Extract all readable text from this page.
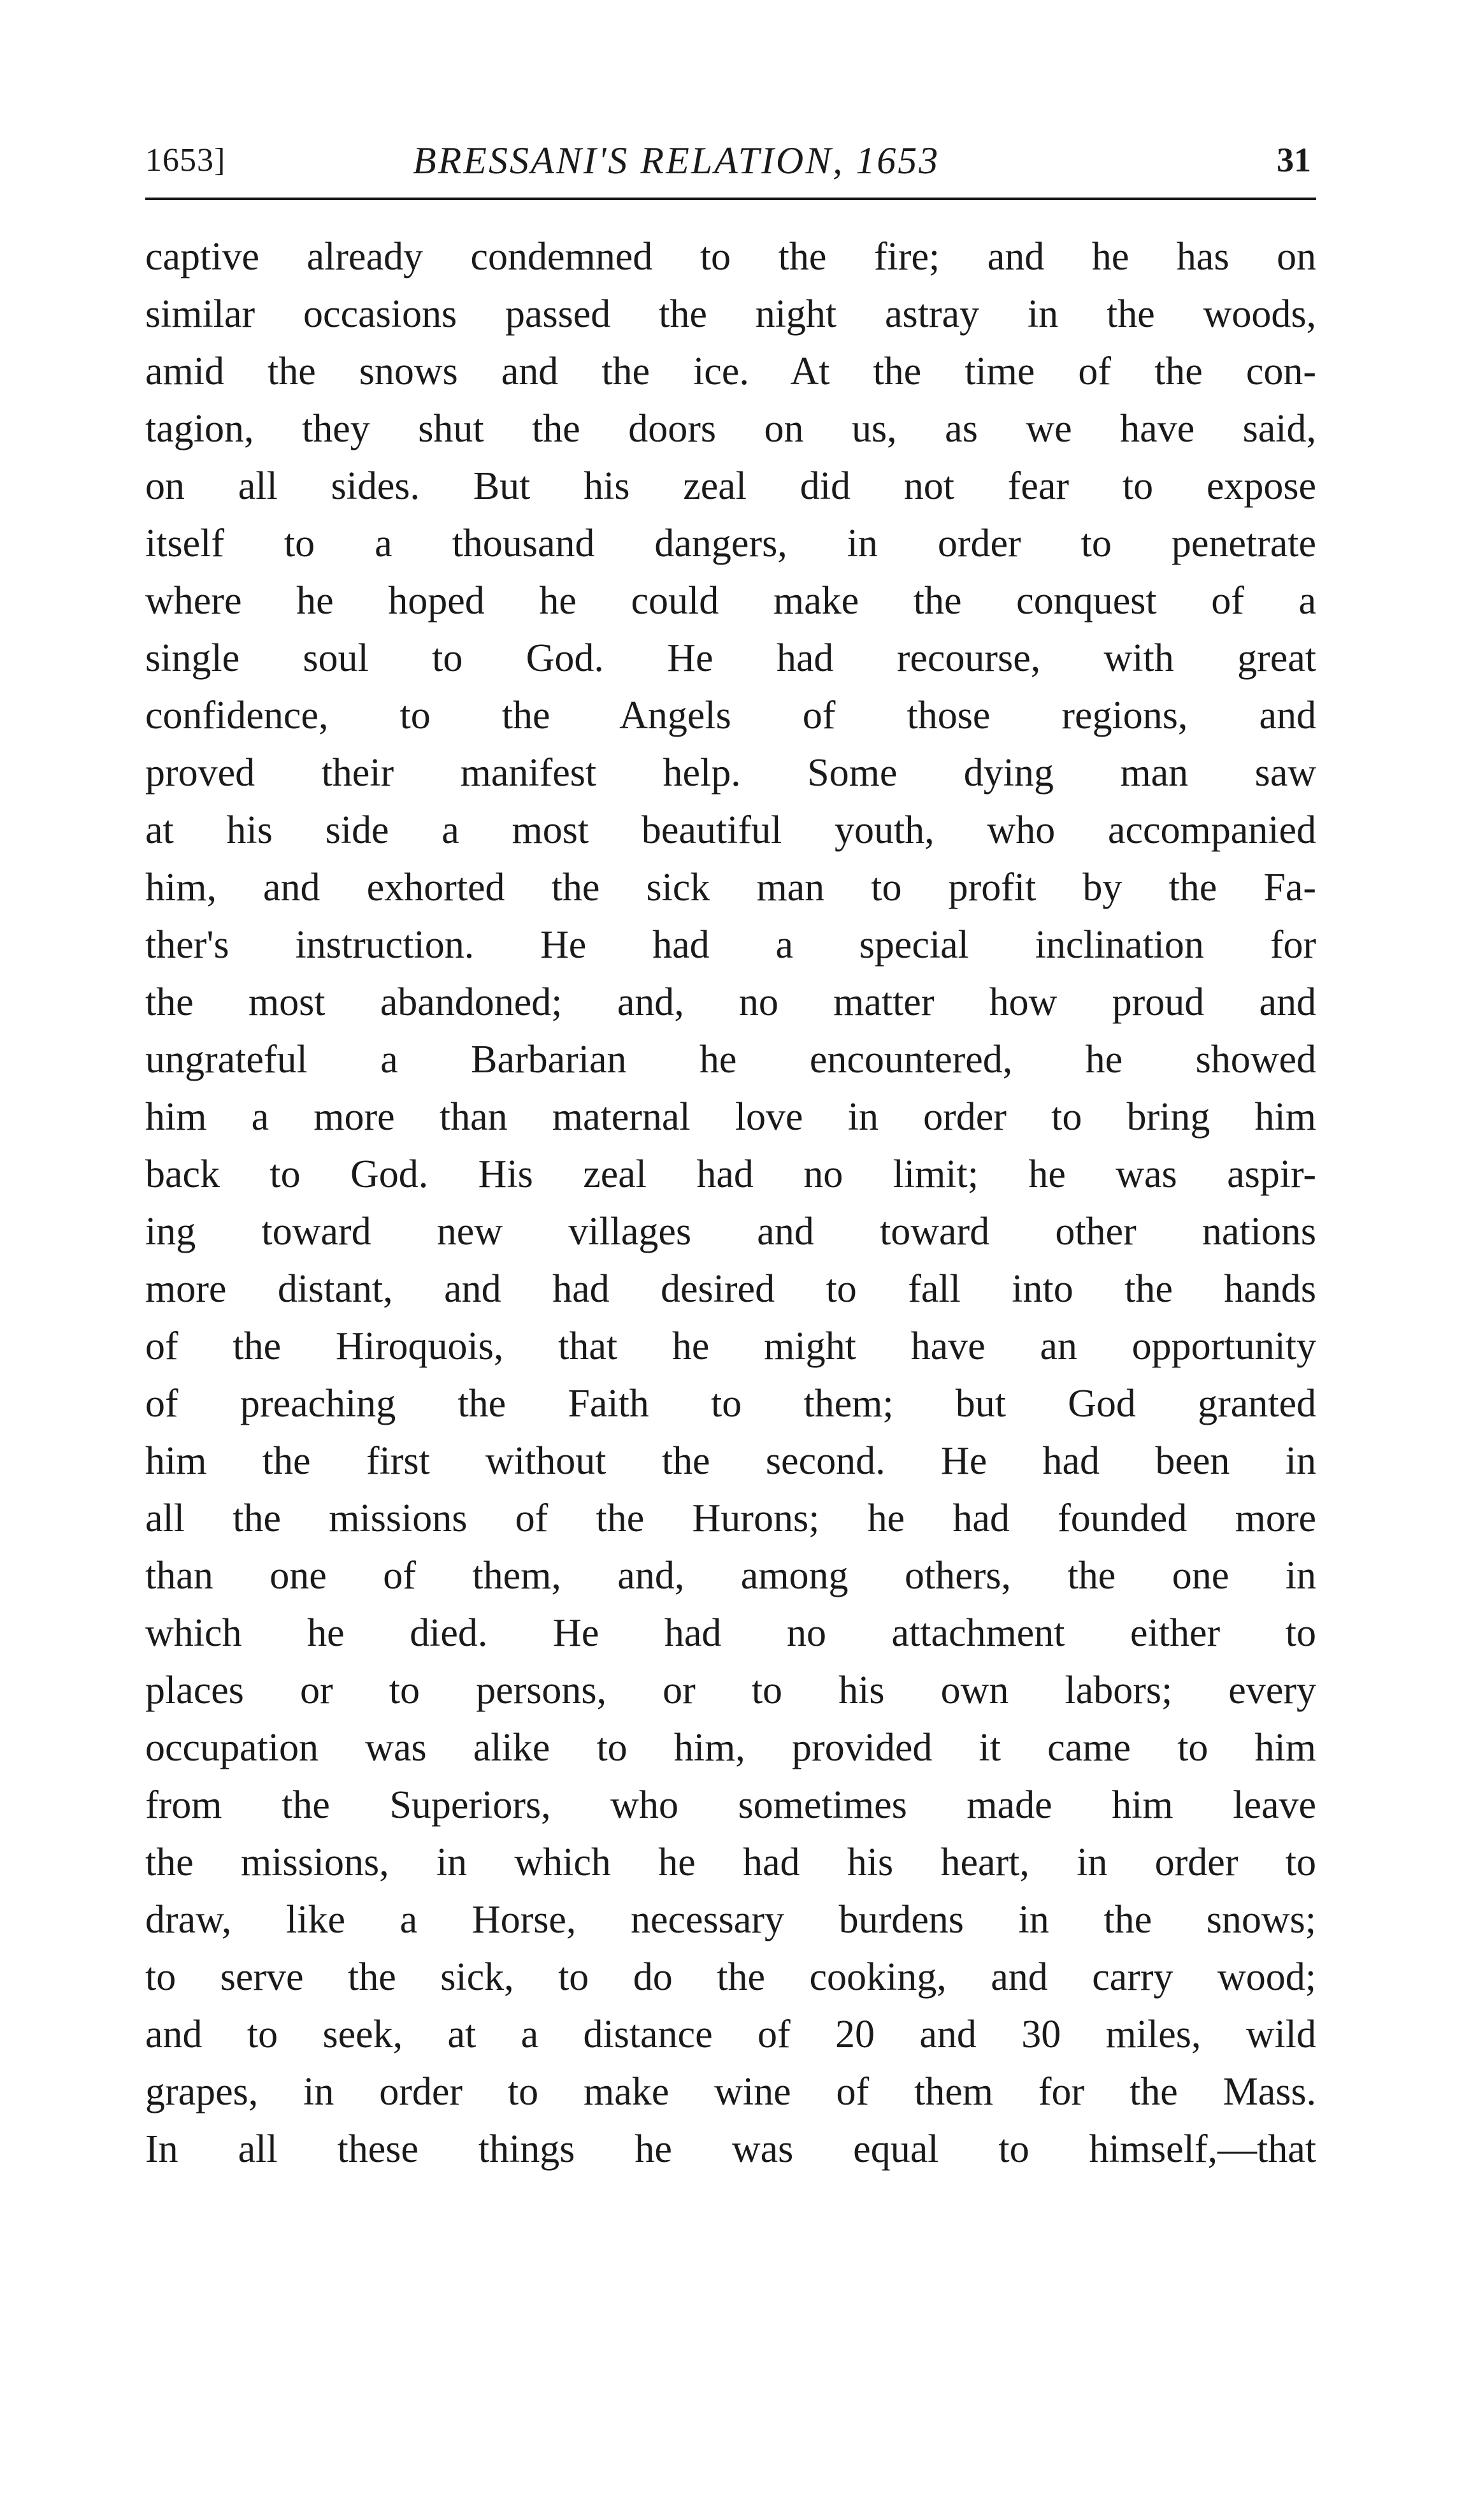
1653]	BRESSANI'S RELATION, 1653	31
captive already condemned to the fire; and he has on
similar occasions passed the night astray in the woods,
amid the snows and the ice. At the time of the con-
tagion, they shut the doors on us, as we have said,
on all sides. But his zeal did not fear to expose
itself to a thousand dangers, in order to penetrate
where he hoped he could make the conquest of a
single soul to God. He had recourse, with great
confidence, to the Angels of those regions, and
proved their manifest help. Some dying man saw
at his side a most beautiful youth, who accompanied
him, and exhorted the sick man to profit by the Fa-
ther's instruction. He had a special inclination for
the most abandoned; and, no matter how proud and
ungrateful a Barbarian he encountered, he showed
him a more than maternal love in order to bring him
back to God. His zeal had no limit; he was aspir-
ing toward new villages and toward other nations
more distant, and had desired to fall into the hands
of the Hiroquois, that he might have an opportunity
of preaching the Faith to them; but God granted
him the first without the second. He had been in
all the missions of the Hurons; he had founded more
than one of them, and, among others, the one in
which he died. He had no attachment either to
places or to persons, or to his own labors; every
occupation was alike to him, provided it came to him
from the Superiors, who sometimes made him leave
the missions, in which he had his heart, in order to
draw, like a Horse, necessary burdens in the snows;
to serve the sick, to do the cooking, and carry wood;
and to seek, at a distance of 20 and 30 miles, wild
grapes, in order to make wine of them for the Mass.
In all these things he was equal to himself,—that
